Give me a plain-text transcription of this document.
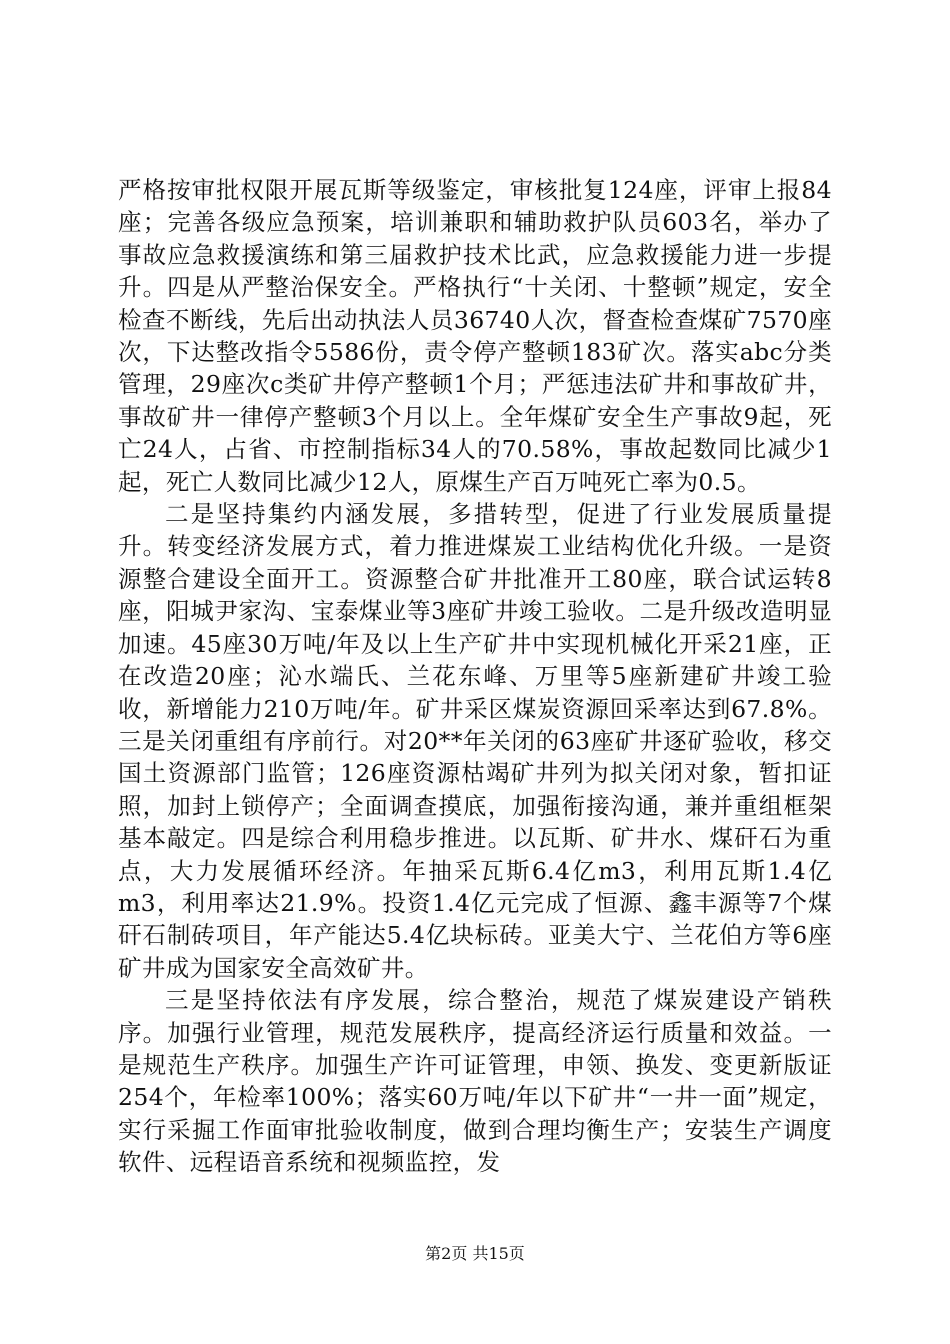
严格按审批权限开展瓦斯等级鉴定，审核批复124座，评审上报84座；完善各级应急预案，培训兼职和辅助救护队员603名，举办了事故应急救援演练和第三届救护技术比武，应急救援能力进一步提升。四是从严整治保安全。严格执行“十关闭、十整顿”规定，安全检查不断线，先后出动执法人员36740人次，督查检查煤矿7570座次，下达整改指令5586份，责令停产整顿183矿次。落实abc分类管理，29座次c类矿井停产整顿1个月；严惩违法矿井和事故矿井，事故矿井一律停产整顿3个月以上。全年煤矿安全生产事故9起，死亡24人，占省、市控制指标34人的70.58%，事故起数同比减少1起，死亡人数同比减少12人，原煤生产百万吨死亡率为0.5。

二是坚持集约内涵发展，多措转型，促进了行业发展质量提升。转变经济发展方式，着力推进煤炭工业结构优化升级。一是资源整合建设全面开工。资源整合矿井批准开工80座，联合试运转8座，阳城尹家沟、宝泰煤业等3座矿井竣工验收。二是升级改造明显加速。45座30万吨/年及以上生产矿井中实现机械化开采21座，正在改造20座；沁水端氏、兰花东峰、万里等5座新建矿井竣工验收，新增能力210万吨/年。矿井采区煤炭资源回采率达到67.8%。三是关闭重组有序前行。对20**年关闭的63座矿井逐矿验收，移交国土资源部门监管；126座资源枯竭矿井列为拟关闭对象，暂扣证照，加封上锁停产；全面调查摸底，加强衔接沟通，兼并重组框架基本敲定。四是综合利用稳步推进。以瓦斯、矿井水、煤矸石为重点，大力发展循环经济。年抽采瓦斯6.4亿m3，利用瓦斯1.4亿m3，利用率达21.9%。投资1.4亿元完成了恒源、鑫丰源等7个煤矸石制砖项目，年产能达5.4亿块标砖。亚美大宁、兰花伯方等6座矿井成为国家安全高效矿井。

三是坚持依法有序发展，综合整治，规范了煤炭建设产销秩序。加强行业管理，规范发展秩序，提高经济运行质量和效益。一是规范生产秩序。加强生产许可证管理，申领、换发、变更新版证254个，年检率100%；落实60万吨/年以下矿井“一井一面”规定，实行采掘工作面审批验收制度，做到合理均衡生产；安装生产调度软件、远程语音系统和视频监控，发

第2页 共15页
